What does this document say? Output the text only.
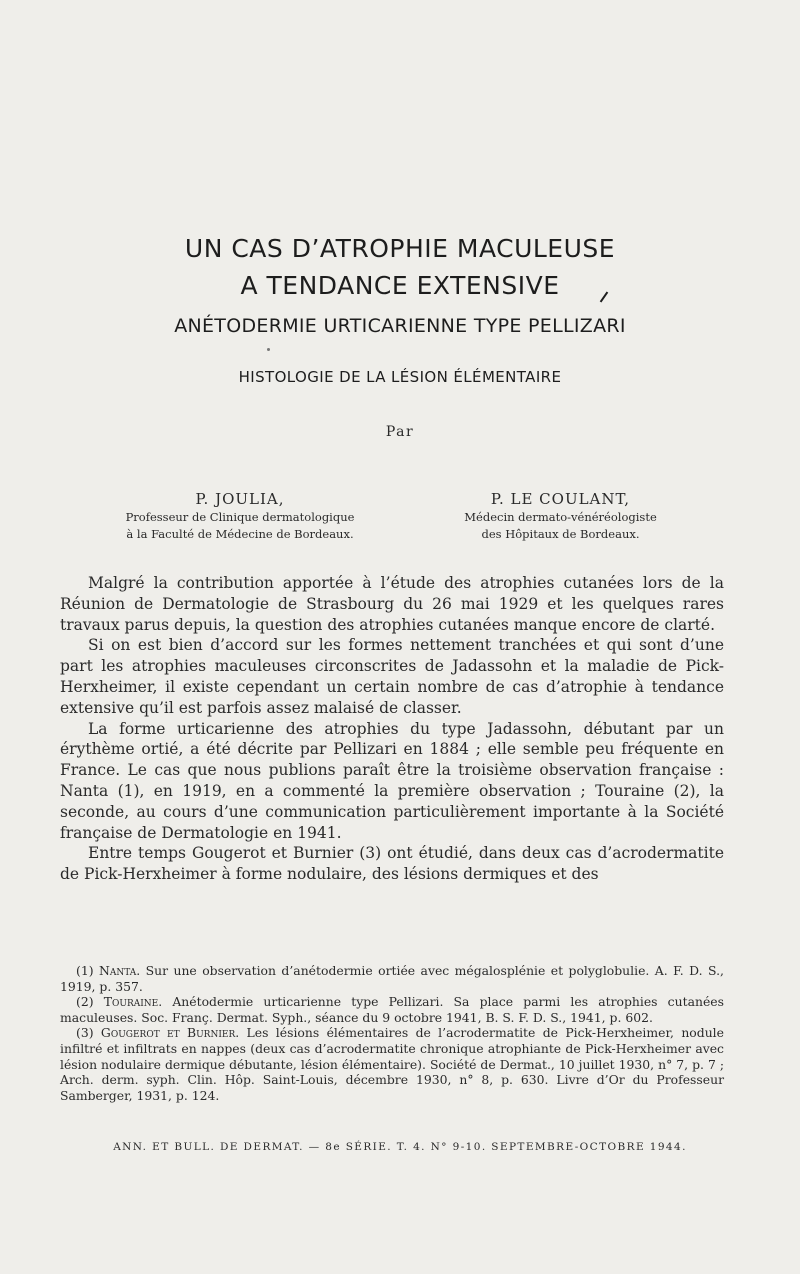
UN CAS D’ATROPHIE MACULEUSE
A TENDANCE EXTENSIVE
ANÉTODERMIE URTICARIENNE TYPE PELLIZARI
HISTOLOGIE DE LA LÉSION ÉLÉMENTAIRE
Par
P. JOULIA,
Professeur de Clinique dermatologique
à la Faculté de Médecine de Bordeaux.
P. LE COULANT,
Médecin dermato-vénéréologiste
des Hôpitaux de Bordeaux.

Malgré la contribution apportée à l’étude des atrophies cutanées lors de la Réunion de Dermatologie de Strasbourg du 26 mai 1929 et les quelques rares travaux parus depuis, la question des atrophies cutanées manque encore de clarté.

Si on est bien d’accord sur les formes nettement tranchées et qui sont d’une part les atrophies maculeuses circonscrites de Jadassohn et la maladie de Pick-Herxheimer, il existe cependant un certain nombre de cas d’atrophie à tendance extensive qu’il est parfois assez malaisé de classer.

La forme urticarienne des atrophies du type Jadassohn, débutant par un érythème ortié, a été décrite par Pellizari en 1884 ; elle semble peu fréquente en France. Le cas que nous publions paraît être la troisième observation française : Nanta (1), en 1919, en a commenté la première observation ; Touraine (2), la seconde, au cours d’une communication particulièrement importante à la Société française de Dermatologie en 1941.

Entre temps Gougerot et Burnier (3) ont étudié, dans deux cas d’acrodermatite de Pick-Herxheimer à forme nodulaire, des lésions dermiques et des

(1) Nanta. Sur une observation d’anétodermie ortiée avec mégalosplénie et polyglobulie. A. F. D. S., 1919, p. 357.

(2) Touraine. Anétodermie urticarienne type Pellizari. Sa place parmi les atrophies cutanées maculeuses. Soc. Franç. Dermat. Syph., séance du 9 octobre 1941, B. S. F. D. S., 1941, p. 602.

(3) Gougerot et Burnier. Les lésions élémentaires de l’acrodermatite de Pick-Herxheimer, nodule infiltré et infiltrats en nappes (deux cas d’acrodermatite chronique atrophiante de Pick-Herxheimer avec lésion nodulaire dermique débutante, lésion élémentaire). Société de Dermat., 10 juillet 1930, n° 7, p. 7 ; Arch. derm. syph. Clin. Hôp. Saint-Louis, décembre 1930, n° 8, p. 630. Livre d’Or du Professeur Samberger, 1931, p. 124.

ANN. ET BULL. DE DERMAT. — 8e SÉRIE. T. 4. N° 9-10. SEPTEMBRE-OCTOBRE 1944.
